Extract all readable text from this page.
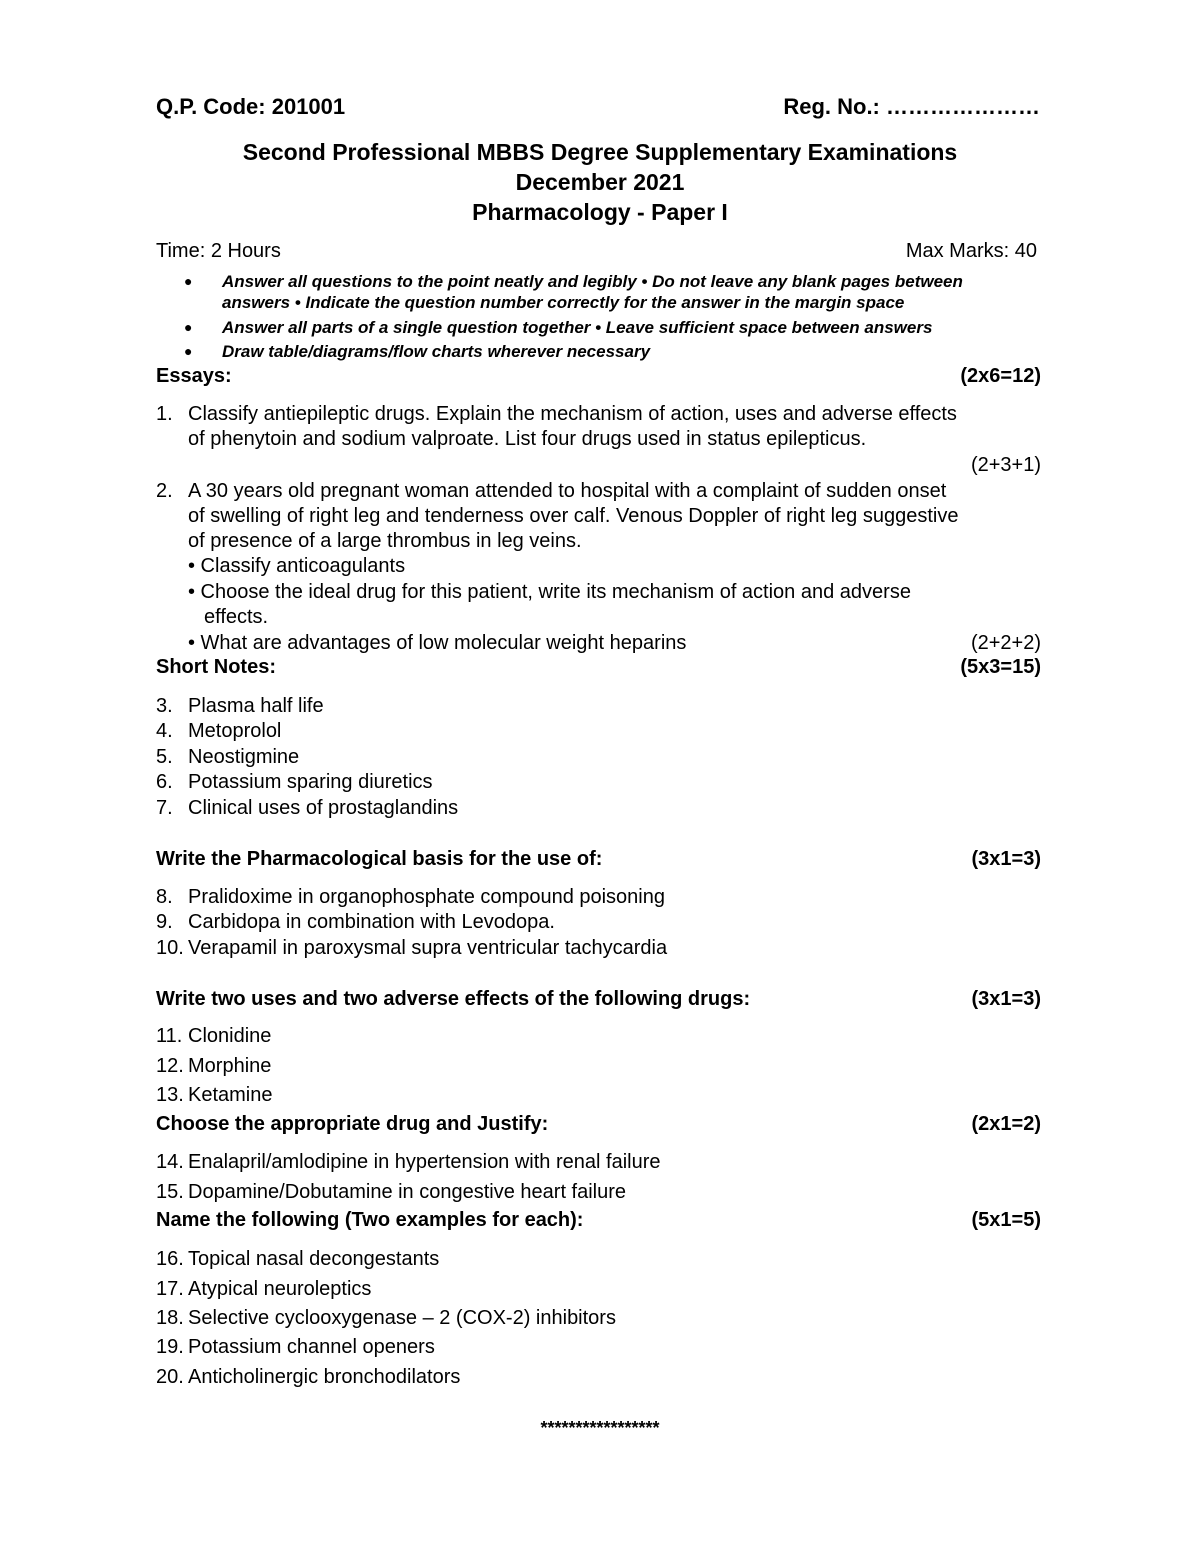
Q.P. Code: 201001	Reg. No.: …………………
Second Professional MBBS Degree Supplementary Examinations
December 2021
Pharmacology - Paper I
Time: 2 Hours	Max Marks: 40
● Answer all questions to the point neatly and legibly • Do not leave any blank pages between
answers • Indicate the question number correctly for the answer in the margin space
● Answer all parts of a single question together • Leave sufficient space between answers
● Draw table/diagrams/flow charts wherever necessary
Essays:	(2x6=12)
1. Classify antiepileptic drugs. Explain the mechanism of action, uses and adverse effects
of phenytoin and sodium valproate. List four drugs used in status epilepticus.
(2+3+1)
2. A 30 years old pregnant woman attended to hospital with a complaint of sudden onset
of swelling of right leg and tenderness over calf. Venous Doppler of right leg suggestive
of presence of a large thrombus in leg veins.
• Classify anticoagulants
• Choose the ideal drug for this patient, write its mechanism of action and adverse
effects.
• What are advantages of low molecular weight heparins	(2+2+2)
Short Notes:	(5x3=15)
3. Plasma half life
4. Metoprolol
5. Neostigmine
6. Potassium sparing diuretics
7. Clinical uses of prostaglandins
Write the Pharmacological basis for the use of:	(3x1=3)
8. Pralidoxime in organophosphate compound poisoning
9. Carbidopa in combination with Levodopa.
10. Verapamil in paroxysmal supra ventricular tachycardia
Write two uses and two adverse effects of the following drugs:	(3x1=3)
11. Clonidine
12. Morphine
13. Ketamine
Choose the appropriate drug and Justify:	(2x1=2)
14. Enalapril/amlodipine in hypertension with renal failure
15. Dopamine/Dobutamine in congestive heart failure
Name the following (Two examples for each):	(5x1=5)
16. Topical nasal decongestants
17. Atypical neuroleptics
18. Selective cyclooxygenase – 2 (COX-2) inhibitors
19. Potassium channel openers
20. Anticholinergic bronchodilators
*****************
